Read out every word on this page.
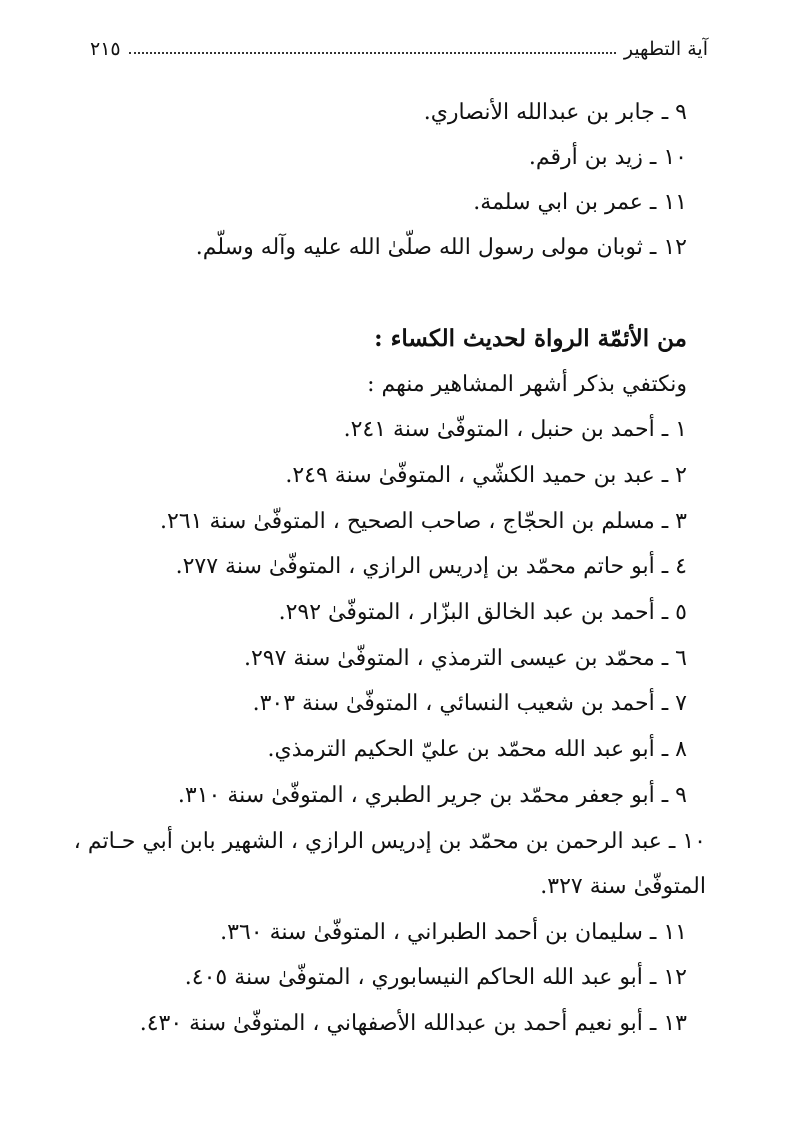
آية التطهير
٢١٥
٩ ـ جابر بن عبدالله الأنصاري.
١٠ ـ زيد بن أرقم.
١١ ـ عمر بن ابي سلمة.
١٢ ـ ثوبان مولى رسول الله صلّىٰ الله عليه وآله وسلّم.
من الأئمّة الرواة لحديث الكساء :
ونكتفي بذكر أشهر المشاهير منهم :
١ ـ أحمد بن حنبل ، المتوفّىٰ سنة ٢٤١.
٢ ـ عبد بن حميد الكشّي ، المتوفّىٰ سنة ٢٤٩.
٣ ـ مسلم بن الحجّاج ، صاحب الصحيح ، المتوفّىٰ سنة ٢٦١.
٤ ـ أبو حاتم محمّد بن إدريس الرازي ، المتوفّىٰ سنة ٢٧٧.
٥ ـ أحمد بن عبد الخالق البزّار ، المتوفّىٰ ٢٩٢.
٦ ـ محمّد بن عيسى الترمذي ، المتوفّىٰ سنة ٢٩٧.
٧ ـ أحمد بن شعيب النسائي ، المتوفّىٰ سنة ٣٠٣.
٨ ـ أبو عبد الله محمّد بن عليّ الحكيم الترمذي.
٩ ـ أبو جعفر محمّد بن جرير الطبري ، المتوفّىٰ سنة ٣١٠.
١٠ ـ عبد الرحمن بن محمّد بن إدريس الرازي ، الشهير بابن أبي حـاتم ،
المتوفّىٰ سنة ٣٢٧.
١١ ـ سليمان بن أحمد الطبراني ، المتوفّىٰ سنة ٣٦٠.
١٢ ـ أبو عبد الله الحاكم النيسابوري ، المتوفّىٰ سنة ٤٠٥.
١٣ ـ أبو نعيم أحمد بن عبدالله الأصفهاني ، المتوفّىٰ سنة ٤٣٠.
